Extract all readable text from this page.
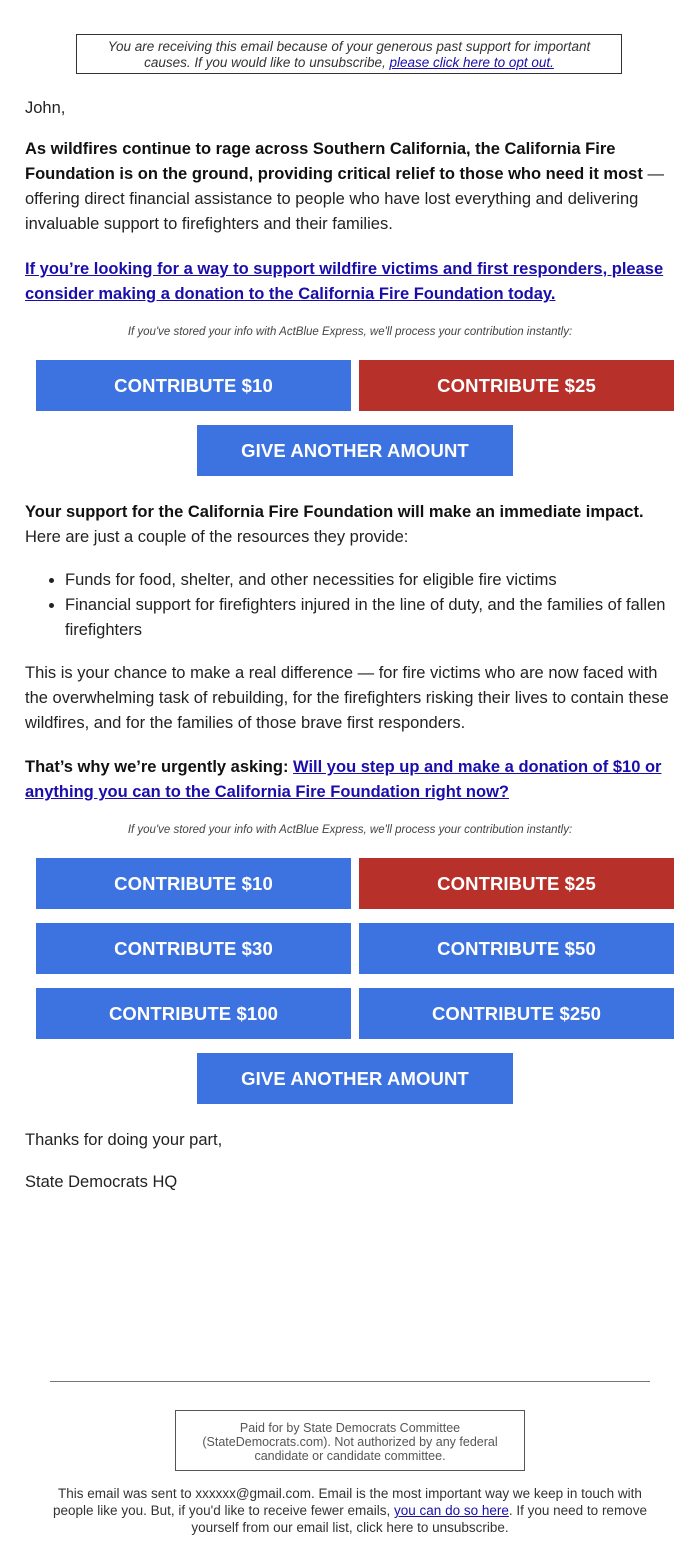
You are receiving this email because of your generous past support for important causes. If you would like to unsubscribe, please click here to opt out.

John,

As wildfires continue to rage across Southern California, the California Fire Foundation is on the ground, providing critical relief to those who need it most — offering direct financial assistance to people who have lost everything and delivering invaluable support to firefighters and their families.

If you’re looking for a way to support wildfire victims and first responders, please consider making a donation to the California Fire Foundation today.

If you've stored your info with ActBlue Express, we'll process your contribution instantly:
CONTRIBUTE $10	CONTRIBUTE $25
GIVE ANOTHER AMOUNT

Your support for the California Fire Foundation will make an immediate impact. Here are just a couple of the resources they provide:

• Funds for food, shelter, and other necessities for eligible fire victims
• Financial support for firefighters injured in the line of duty, and the families of fallen firefighters

This is your chance to make a real difference — for fire victims who are now faced with the overwhelming task of rebuilding, for the firefighters risking their lives to contain these wildfires, and for the families of those brave first responders.

That’s why we’re urgently asking: Will you step up and make a donation of $10 or anything you can to the California Fire Foundation right now?

If you've stored your info with ActBlue Express, we'll process your contribution instantly:
CONTRIBUTE $10	CONTRIBUTE $25
CONTRIBUTE $30	CONTRIBUTE $50
CONTRIBUTE $100	CONTRIBUTE $250
GIVE ANOTHER AMOUNT

Thanks for doing your part,

State Democrats HQ

Paid for by State Democrats Committee (StateDemocrats.com). Not authorized by any federal candidate or candidate committee.
This email was sent to xxxxxx@gmail.com. Email is the most important way we keep in touch with people like you. But, if you'd like to receive fewer emails, you can do so here. If you need to remove yourself from our email list, click here to unsubscribe.
